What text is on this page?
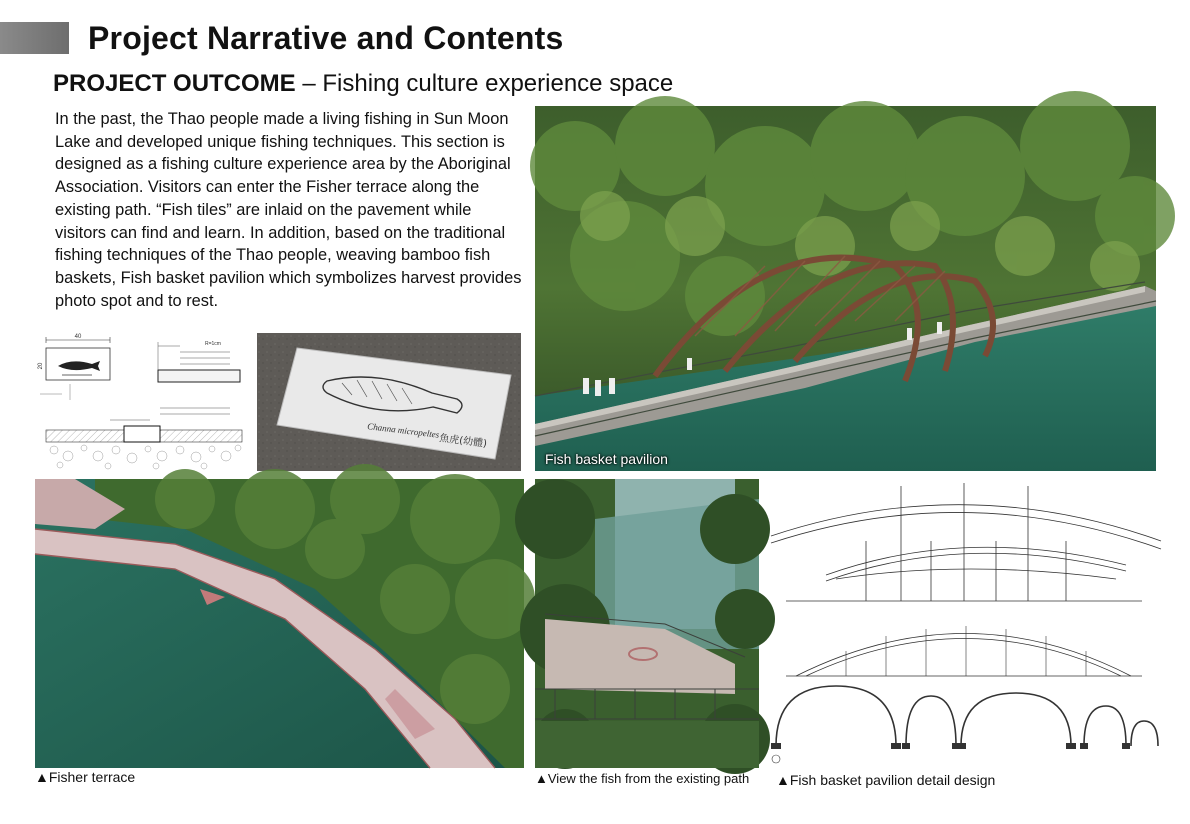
Project Narrative and Contents
PROJECT OUTCOME – Fishing culture experience space
In the past, the Thao people made a living fishing in Sun Moon Lake and developed unique fishing techniques. This section is designed as a fishing culture experience area by the Aboriginal Association. Visitors can enter the Fisher terrace along the existing path. “Fish tiles” are inlaid on the pavement while visitors can find and learn. In addition, based on the traditional fishing techniques of the Thao people, weaving bamboo fish baskets, Fish basket pavilion which symbolizes harvest provides photo spot and to rest.
40
20
R=1cm
Channa micropeltes
魚虎(幼體)
Fish basket pavilion
▲Fisher terrace	▲View the fish from the existing path ▲Fish basket pavilion detail design
